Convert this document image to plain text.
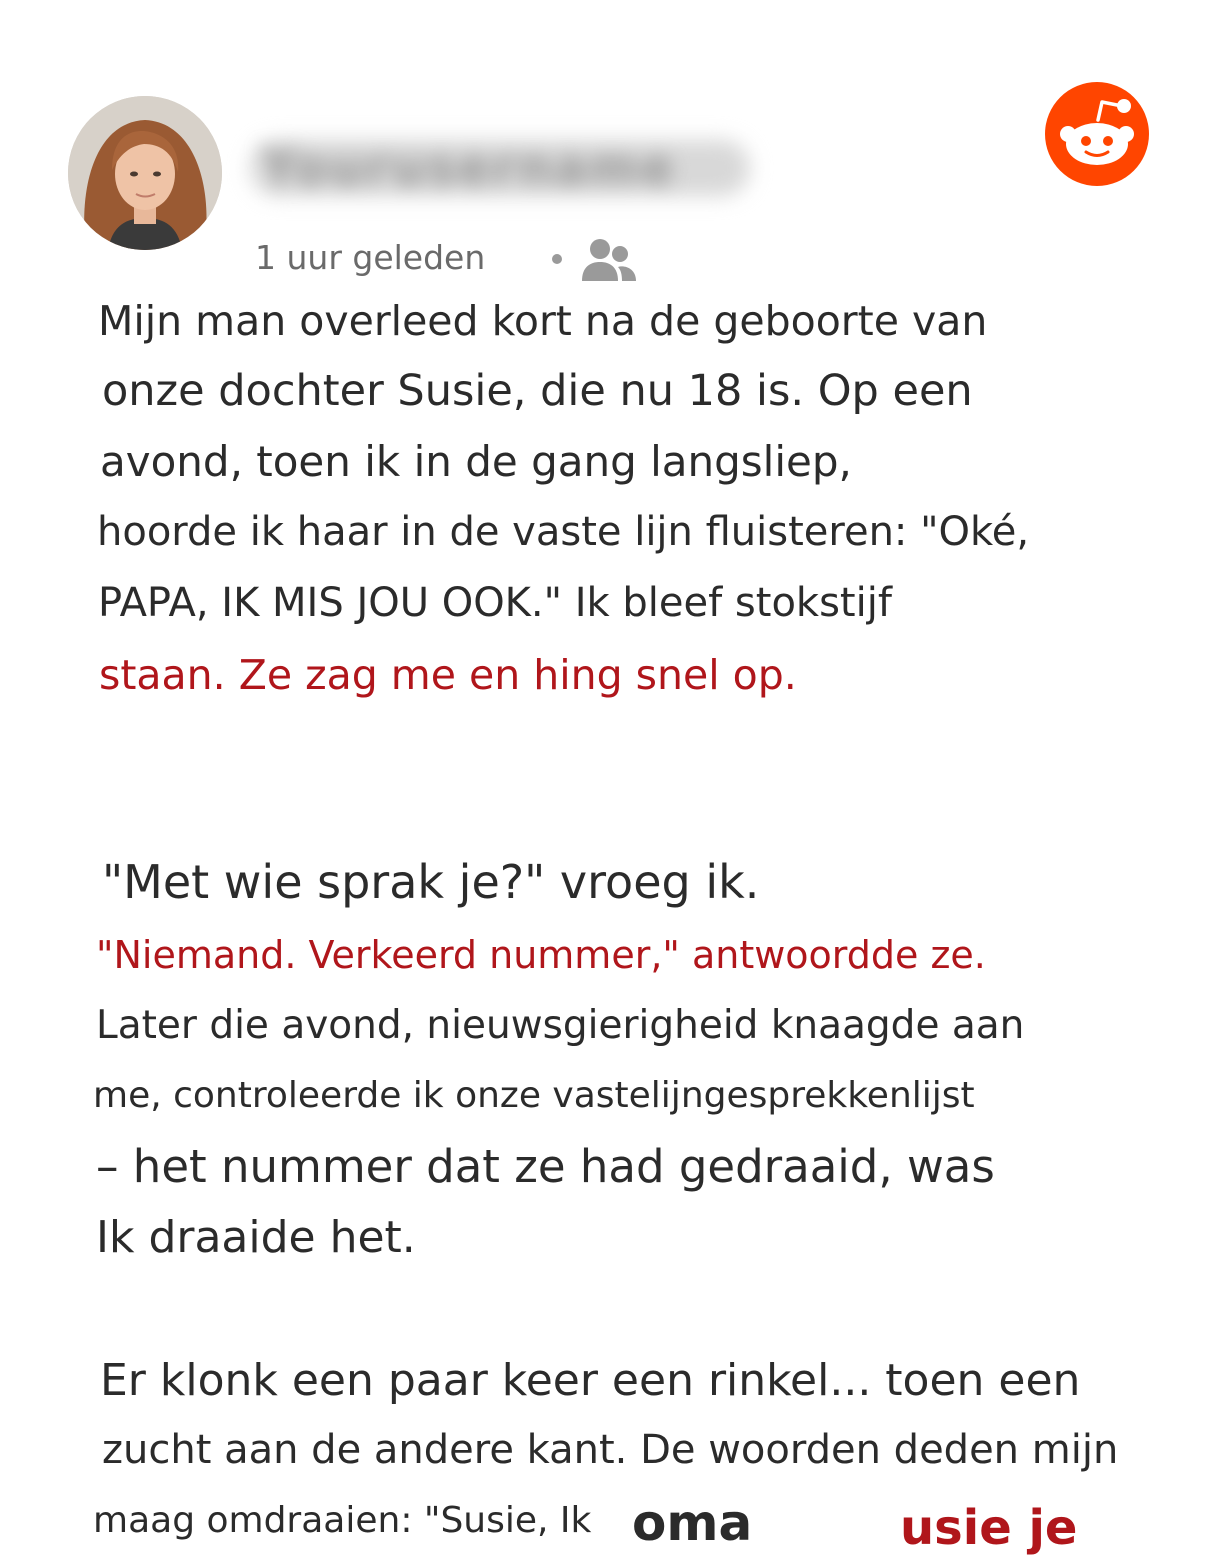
Yourusername
1 uur geleden
Mijn man overleed kort na de geboorte van
onze dochter Susie, die nu 18 is. Op een
avond, toen ik in de gang langsliep,
hoorde ik haar in de vaste lijn fluisteren: "Oké,
PAPA, IK MIS JOU OOK." Ik bleef stokstijf
staan. Ze zag me en hing snel op.
"Met wie sprak je?" vroeg ik.
"Niemand. Verkeerd nummer," antwoordde ze.
Later die avond, nieuwsgierigheid knaagde aan
me, controleerde ik onze vastelijngesprekkenlijst
– het nummer dat ze had gedraaid, was
Ik draaide het.
Er klonk een paar keer een rinkel... toen een
zucht aan de andere kant. De woorden deden mijn
maag omdraaien: "Susie, Ik oma	usie je
